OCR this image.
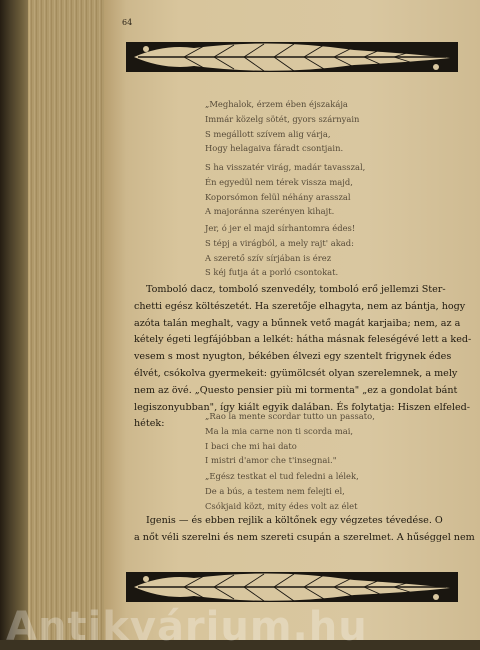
64
„Meghalok, érzem ében éjszakája
Immár közelg sötét, gyors szárnyain
S megállott szívem alig várja,
Hogy helagaiva fáradt csontjain.
S ha visszatér virág, madár tavasszal,
Én egyedül nem térek vissza majd,
Koporsómon felül néhány arasszal
A majoránna szerényen kihajt.
Jer, ó jer el majd sírhantomra édes!
S tépj a virágból, a mely rajt' akad:
A szerető szív sírjában is érez
S kéj futja át a porló csontokat.
Tomboló dacz, tomboló szenvedély, tomboló erő jellemzi Ster-
chetti egész költészetét. Ha szeretője elhagyta, nem az bántja, hogy
azóta talán meghalt, vagy a bűnnek vető magát karjaiba; nem, az a
kétely égeti legfájóbban a lelkét: hátha másnak feleségévé lett a ked-
vesem s most nyugton, békében élvezi egy szentelt frigynek édes
élvét, csókolva gyermekeit: gyümölcsét olyan szerelemnek, a mely
nem az övé. „Questo pensier più mi tormenta" „ez a gondolat bánt
legiszonyubban", így kiált egyik dalában. És folytatja: Hiszen elfeled-
hétek:
„Rao la mente scordar tutto un passato,
Ma la mia carne non ti scorda mai,
I baci che mi hai dato
I mistri d'amor che t'insegnai."
„Egész testkat el tud feledni a lélek,
De a bús, a testem nem felejti el,
Csókjaid közt, mity édes volt az élet
Igenis — és ebben rejlik a költőnek egy végzetes tévedése. O
a nőt véli szerelni és nem szereti csupán a szerelmet. A hűséggel nem
Antikvárium.hu
